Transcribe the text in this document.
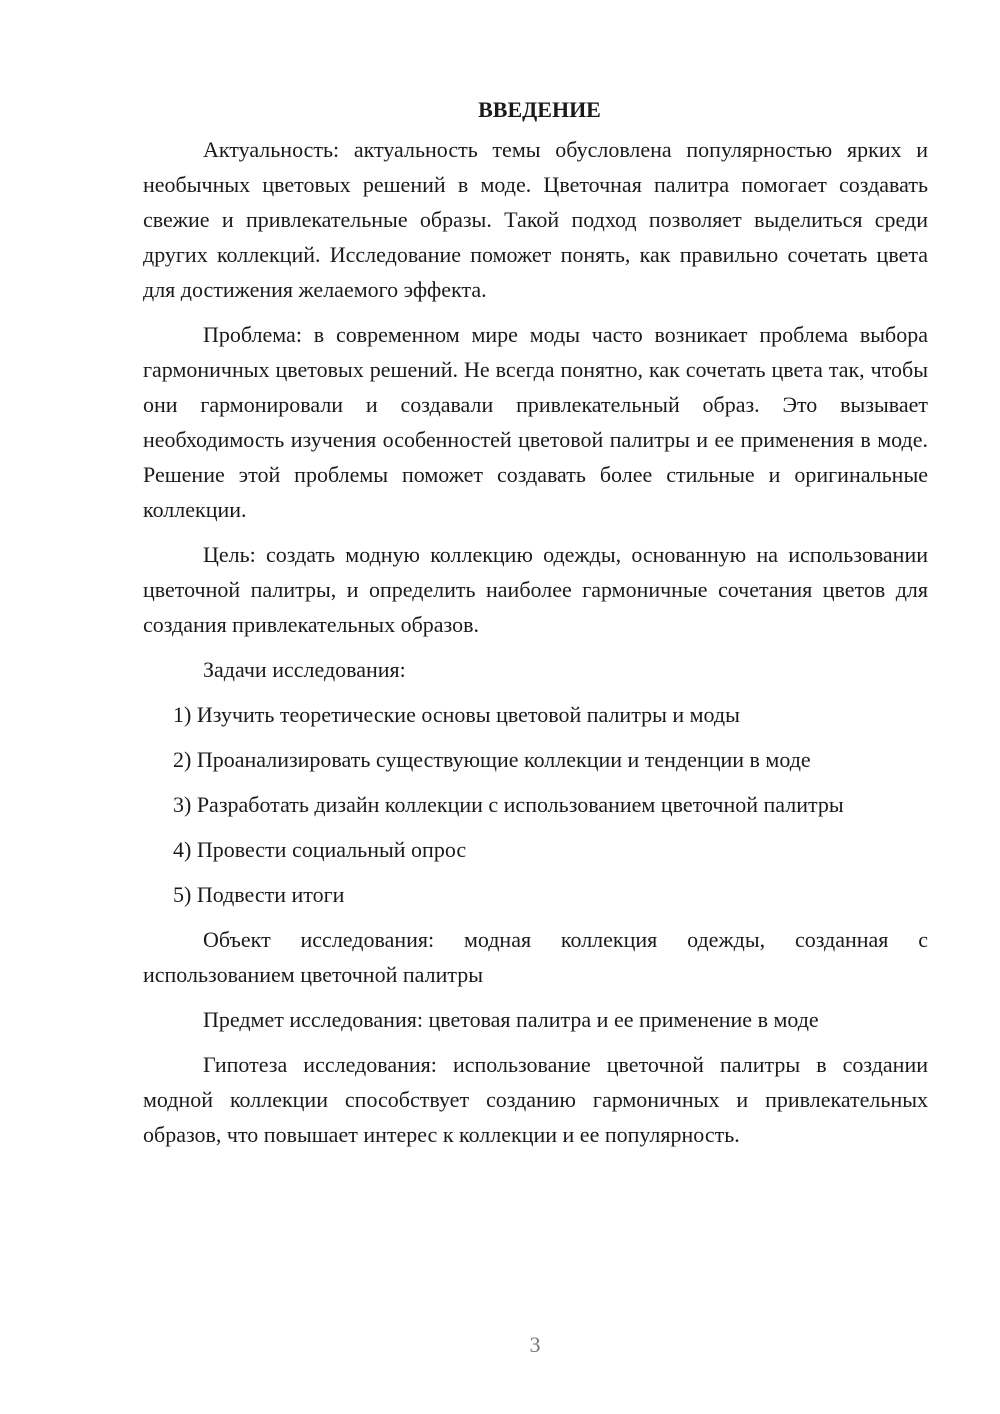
ВВЕДЕНИЕ

Актуальность: актуальность темы обусловлена популярностью ярких и необычных цветовых решений в моде. Цветочная палитра помогает создавать свежие и привлекательные образы. Такой подход позволяет выделиться среди других коллекций. Исследование поможет понять, как правильно сочетать цвета для достижения желаемого эффекта.

Проблема: в современном мире моды часто возникает проблема выбора гармоничных цветовых решений. Не всегда понятно, как сочетать цвета так, чтобы они гармонировали и создавали привлекательный образ. Это вызывает необходимость изучения особенностей цветовой палитры и ее применения в моде. Решение этой проблемы поможет создавать более стильные и оригинальные коллекции.

Цель: создать модную коллекцию одежды, основанную на использовании цветочной палитры, и определить наиболее гармоничные сочетания цветов для создания привлекательных образов.

Задачи исследования:

1) Изучить теоретические основы цветовой палитры и моды

2) Проанализировать существующие коллекции и тенденции в моде

3) Разработать дизайн коллекции с использованием цветочной палитры

4) Провести социальный опрос

5) Подвести итоги

Объект исследования: модная коллекция одежды, созданная с использованием цветочной палитры

Предмет исследования: цветовая палитра и ее применение в моде

Гипотеза исследования: использование цветочной палитры в создании модной коллекции способствует созданию гармоничных и привлекательных образов, что повышает интерес к коллекции и ее популярность.

3
